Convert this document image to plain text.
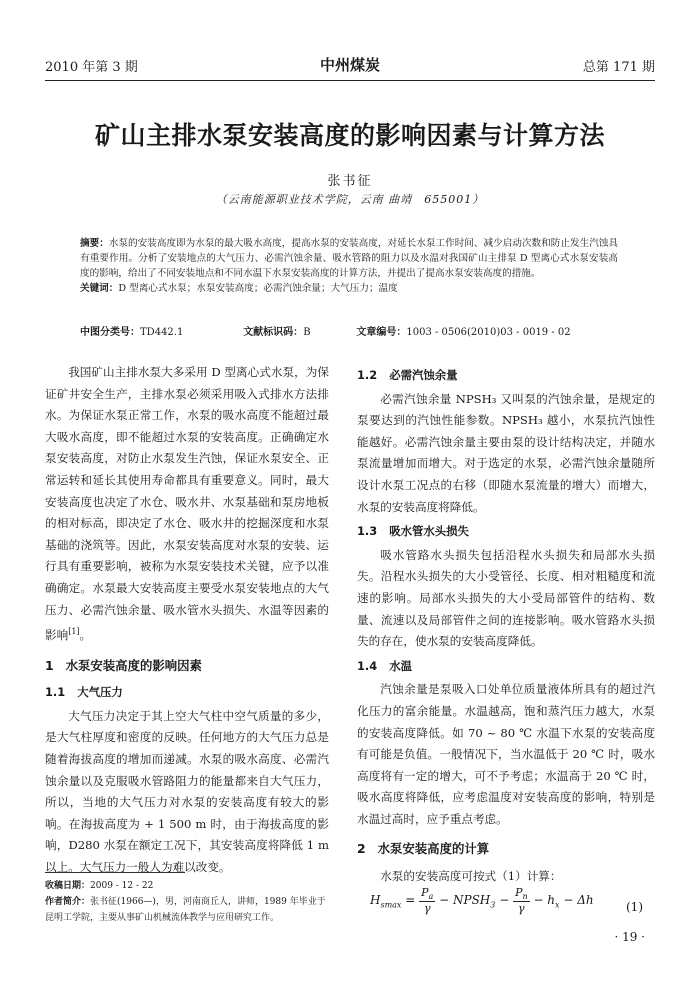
2010 年第 3 期	中州煤炭	总第 171 期
矿山主排水泵安装高度的影响因素与计算方法
张书征
（云南能源职业技术学院，云南 曲靖　655001）
摘要：水泵的安装高度即为水泵的最大吸水高度，提高水泵的安装高度，对延长水泵工作时间、减少启动次数和防止发生汽蚀具有重要作用。分析了安装地点的大气压力、必需汽蚀余量、吸水管路的阻力以及水温对我国矿山主排泵 D 型离心式水泵安装高度的影响，给出了不同安装地点和不同水温下水泵安装高度的计算方法，并提出了提高水泵安装高度的措施。
关键词：D 型离心式水泵；水泵安装高度；必需汽蚀余量；大气压力；温度
中图分类号：TD442.1	文献标识码：B	文章编号：1003 - 0506(2010)03 - 0019 - 02

我国矿山主排水泵大多采用 D 型离心式水泵，为保证矿井安全生产，主排水泵必须采用吸入式排水方法排水。为保证水泵正常工作，水泵的吸水高度不能超过最大吸水高度，即不能超过水泵的安装高度。正确确定水泵安装高度，对防止水泵发生汽蚀，保证水泵安全、正常运转和延长其使用寿命都具有重要意义。同时，最大安装高度也决定了水仓、吸水井、水泵基础和泵房地板的相对标高，即决定了水仓、吸水井的挖掘深度和水泵基础的浇筑等。因此，水泵安装高度对水泵的安装、运行具有重要影响，被称为水泵安装技术关键，应予以准确确定。水泵最大安装高度主要受水泵安装地点的大气压力、必需汽蚀余量、吸水管水头损失、水温等因素的影响[1]。

1 水泵安装高度的影响因素
1.1 大气压力

大气压力决定于其上空大气柱中空气质量的多少，是大气柱厚度和密度的反映。任何地方的大气压力总是随着海拔高度的增加而递减。水泵的吸水高度、必需汽蚀余量以及克服吸水管路阻力的能量都来自大气压力，所以，当地的大气压力对水泵的安装高度有较大的影响。在海拔高度为 + 1 500 m 时，由于海拔高度的影响，D280 水泵在额定工况下，其安装高度将降低 1 m 以上。大气压力一般人为难以改变。

1.2 必需汽蚀余量

必需汽蚀余量 NPSH₃ 又叫泵的汽蚀余量，是规定的泵要达到的汽蚀性能参数。NPSH₃ 越小，水泵抗汽蚀性能越好。必需汽蚀余量主要由泵的设计结构决定，并随水泵流量增加而增大。对于选定的水泵，必需汽蚀余量随所设计水泵工况点的右移（即随水泵流量的增大）而增大，水泵的安装高度将降低。

1.3 吸水管水头损失

吸水管路水头损失包括沿程水头损失和局部水头损失。沿程水头损失的大小受管径、长度、相对粗糙度和流速的影响。局部水头损失的大小受局部管件的结构、数量、流速以及局部管件之间的连接影响。吸水管路水头损失的存在，使水泵的安装高度降低。

1.4 水温

汽蚀余量是泵吸入口处单位质量液体所具有的超过汽化压力的富余能量。水温越高，饱和蒸汽压力越大，水泵的安装高度降低。如 70 ~ 80 ℃ 水温下水泵的安装高度有可能是负值。一般情况下，当水温低于 20 ℃ 时，吸水高度将有一定的增大，可不予考虑；水温高于 20 ℃ 时，吸水高度将降低，应考虑温度对安装高度的影响，特别是水温过高时，应予重点考虑。

2 水泵安装高度的计算

水泵的安装高度可按式（1）计算：

收稿日期：2009 - 12 - 22
作者简介：张书征(1966—)，男，河南商丘人，讲师，1989 年毕业于昆明工学院，主要从事矿山机械流体教学与应用研究工作。
$H_{smax} = \frac{P_a}{\gamma}$ − $NPSH_3 - \frac{P_n}{\gamma} - h_x - \Delta h$	(1)
· 19 ·
